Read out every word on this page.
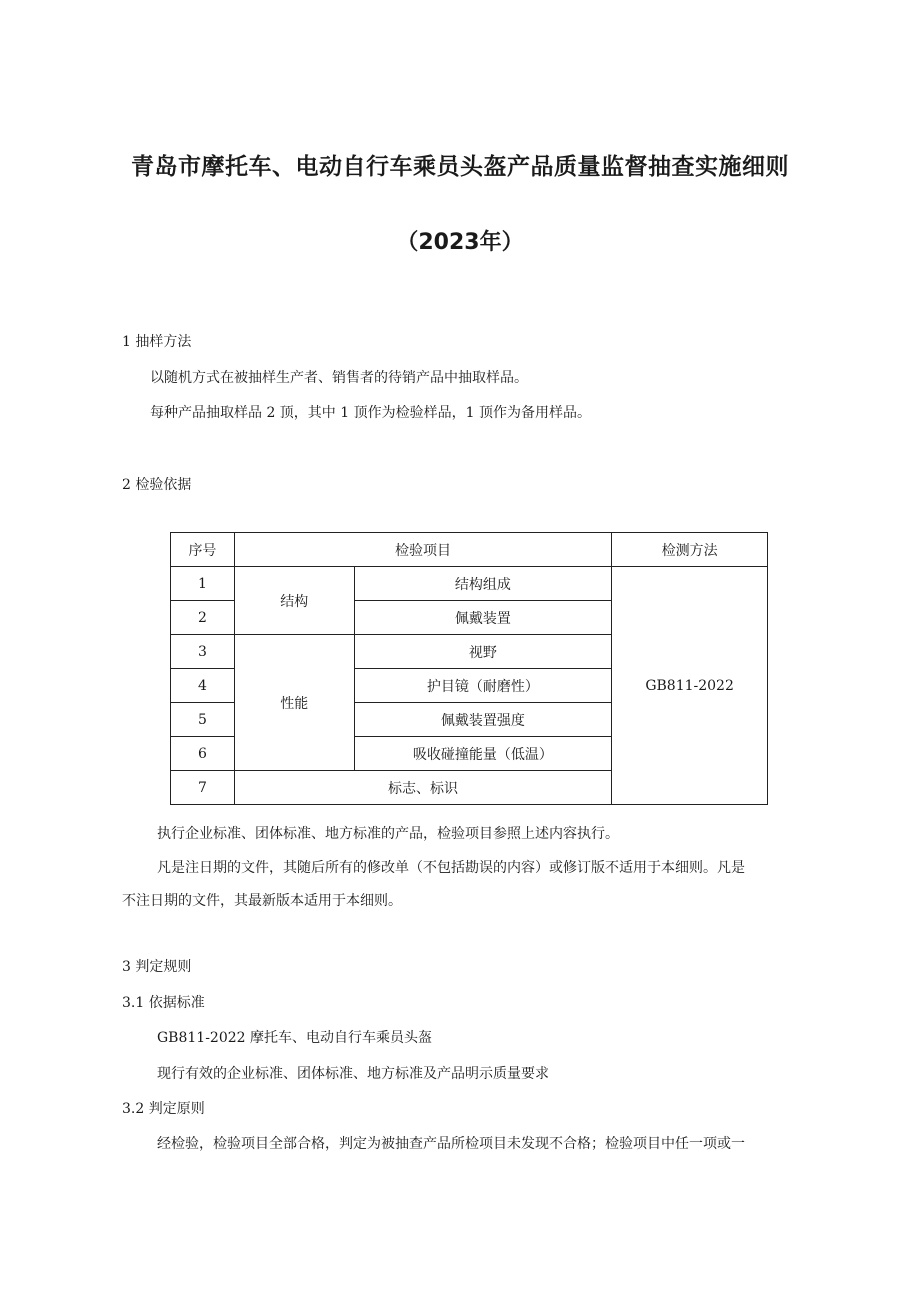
青岛市摩托车、电动自行车乘员头盔产品质量监督抽查实施细则
（2023年）

1 抽样方法

以随机方式在被抽样生产者、销售者的待销产品中抽取样品。

每种产品抽取样品 2 顶，其中 1 顶作为检验样品，1 顶作为备用样品。

2 检验依据

序号	检验项目		检测方法
1	结构	结构组成	GB811-2022
2		佩戴装置	
3	性能	视野	
4		护目镜（耐磨性）	
5		佩戴装置强度	
6		吸收碰撞能量（低温）	
7	标志、标识		

执行企业标准、团体标准、地方标准的产品，检验项目参照上述内容执行。

凡是注日期的文件，其随后所有的修改单（不包括勘误的内容）或修订版不适用于本细则。凡是

不注日期的文件，其最新版本适用于本细则。

3 判定规则

3.1 依据标准

GB811-2022 摩托车、电动自行车乘员头盔

现行有效的企业标准、团体标准、地方标准及产品明示质量要求

3.2 判定原则

经检验，检验项目全部合格，判定为被抽查产品所检项目未发现不合格；检验项目中任一项或一
